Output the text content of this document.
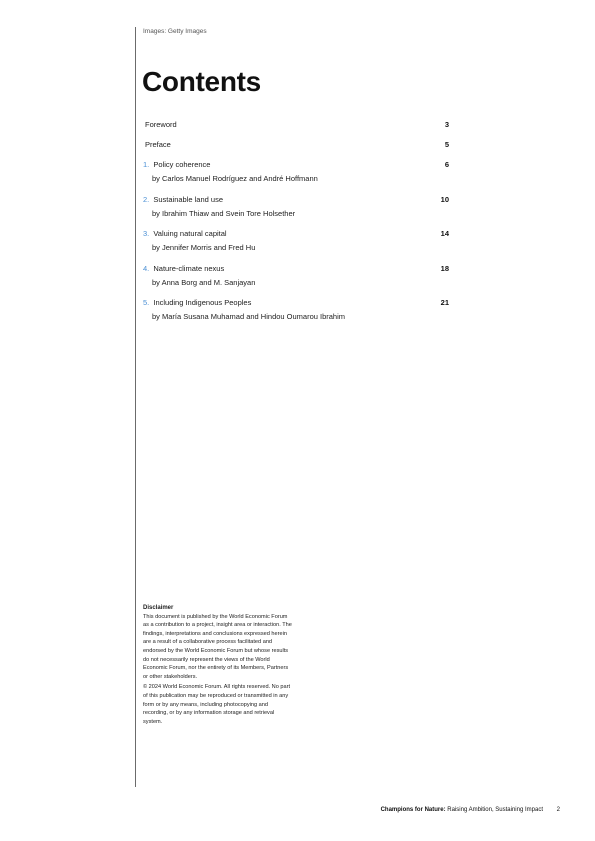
Images: Getty Images
Contents
Foreword	3
Preface	5
1. Policy coherence
by Carlos Manuel Rodríguez and André Hoffmann
6
2. Sustainable land use
by Ibrahim Thiaw and Svein Tore Holsether
10
3. Valuing natural capital
by Jennifer Morris and Fred Hu
14
4. Nature-climate nexus
by Anna Borg and M. Sanjayan
18
5. Including Indigenous Peoples
by María Susana Muhamad and Hindou Oumarou Ibrahim
21
Disclaimer

This document is published by the World Economic Forum as a contribution to a project, insight area or interaction. The findings, interpretations and conclusions expressed herein are a result of a collaborative process facilitated and endorsed by the World Economic Forum but whose results do not necessarily represent the views of the World Economic Forum, nor the entirety of its Members, Partners or other stakeholders.

© 2024 World Economic Forum. All rights reserved. No part of this publication may be reproduced or transmitted in any form or by any means, including photocopying and recording, or by any information storage and retrieval system.

Champions for Nature: Raising Ambition, Sustaining Impact 2
